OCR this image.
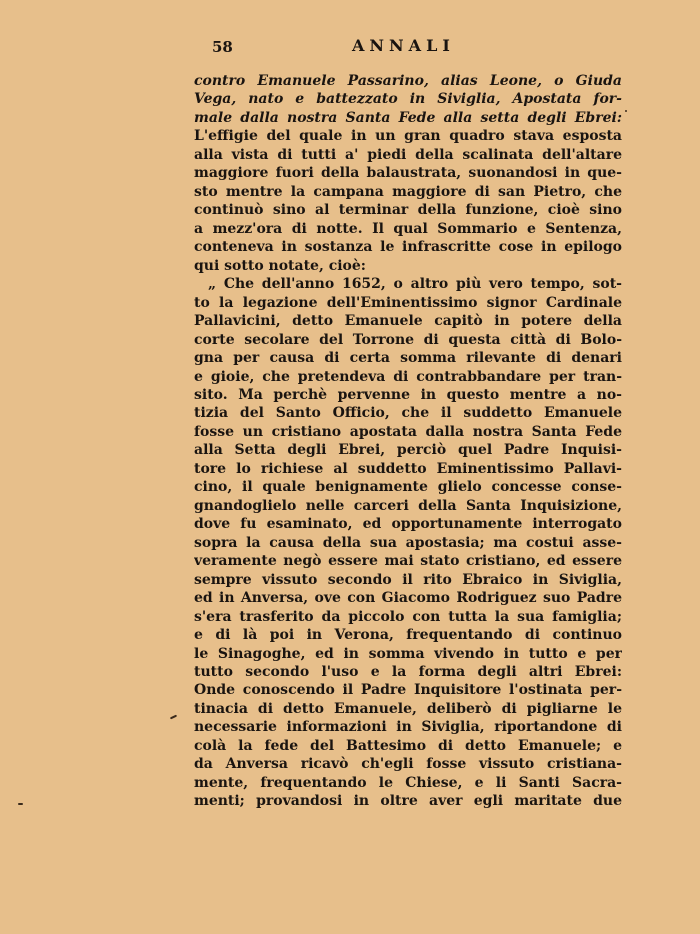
58	ANNALI
contro Emanuele Passarino, alias Leone, o Giuda
Vega, nato e battezzato in Siviglia, Apostata for-
male dalla nostra Santa Fede alla setta degli Ebrei:
L'effigie del quale in un gran quadro stava esposta
alla vista di tutti a' piedi della scalinata dell'altare
maggiore fuori della balaustrata, suonandosi in que-
sto mentre la campana maggiore di san Pietro, che
continuò sino al terminar della funzione, cioè sino
a mezz'ora di notte. Il qual Sommario e Sentenza,
conteneva in sostanza le infrascritte cose in epilogo
qui sotto notate, cioè:
„ Che dell'anno 1652, o altro più vero tempo, sot-
to la legazione dell'Eminentissimo signor Cardinale
Pallavicini, detto Emanuele capitò in potere della
corte secolare del Torrone di questa città di Bolo-
gna per causa di certa somma rilevante di denari
e gioie, che pretendeva di contrabbandare per tran-
sito. Ma perchè pervenne in questo mentre a no-
tizia del Santo Officio, che il suddetto Emanuele
fosse un cristiano apostata dalla nostra Santa Fede
alla Setta degli Ebrei, perciò quel Padre Inquisi-
tore lo richiese al suddetto Eminentissimo Pallavi-
cino, il quale benignamente glielo concesse conse-
gnandoglielo nelle carceri della Santa Inquisizione,
dove fu esaminato, ed opportunamente interrogato
sopra la causa della sua apostasia; ma costui asse-
veramente negò essere mai stato cristiano, ed essere
sempre vissuto secondo il rito Ebraico in Siviglia,
ed in Anversa, ove con Giacomo Rodriguez suo Padre
s'era trasferito da piccolo con tutta la sua famiglia;
e di là poi in Verona, frequentando di continuo
le Sinagoghe, ed in somma vivendo in tutto e per
tutto secondo l'uso e la forma degli altri Ebrei:
Onde conoscendo il Padre Inquisitore l'ostinata per-
tinacia di detto Emanuele, deliberò di pigliarne le
necessarie informazioni in Siviglia, riportandone di
colà la fede del Battesimo di detto Emanuele; e
da Anversa ricavò ch'egli fosse vissuto cristiana-
mente, frequentando le Chiese, e li Santi Sacra-
menti; provandosi in oltre aver egli maritate due
